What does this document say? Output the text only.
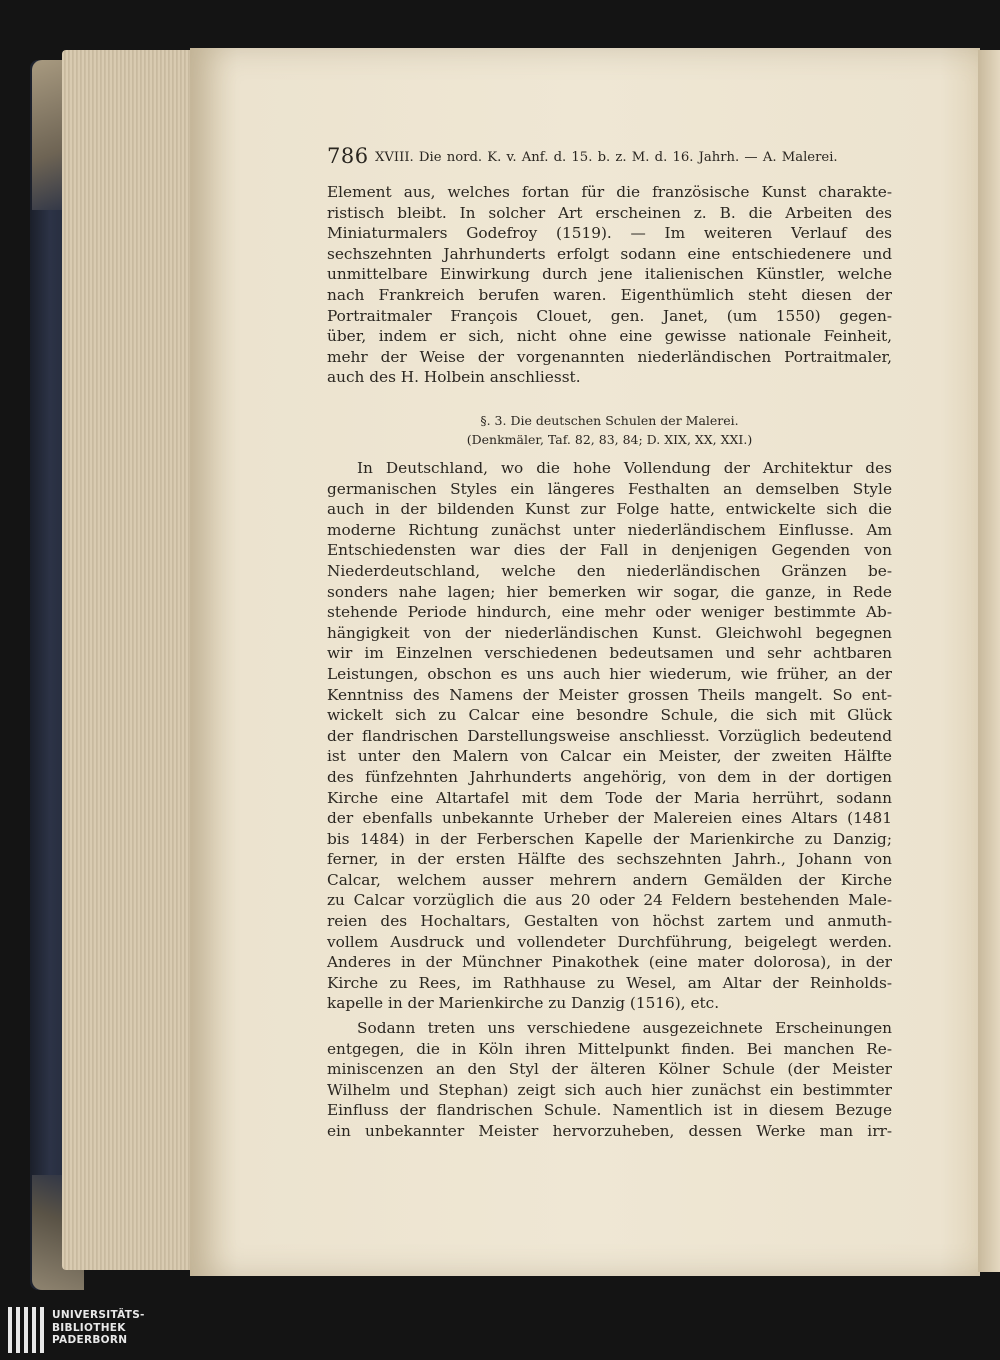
786 XVIII. Die nord. K. v. Anf. d. 15. b. z. M. d. 16. Jahrh. — A. Malerei.
Element aus, welches fortan für die französische Kunst charakte-
ristisch bleibt. In solcher Art erscheinen z. B. die Arbeiten des
Miniaturmalers Godefroy (1519). — Im weiteren Verlauf des
sechszehnten Jahrhunderts erfolgt sodann eine entschiedenere und
unmittelbare Einwirkung durch jene italienischen Künstler, welche
nach Frankreich berufen waren. Eigenthümlich steht diesen der
Portraitmaler François Clouet, gen. Janet, (um 1550) gegen-
über, indem er sich, nicht ohne eine gewisse nationale Feinheit,
mehr der Weise der vorgenannten niederländischen Portraitmaler,
auch des H. Holbein anschliesst.
§. 3. Die deutschen Schulen der Malerei.
(Denkmäler, Taf. 82, 83, 84; D. XIX, XX, XXI.)
In Deutschland, wo die hohe Vollendung der Architektur des
germanischen Styles ein längeres Festhalten an demselben Style
auch in der bildenden Kunst zur Folge hatte, entwickelte sich die
moderne Richtung zunächst unter niederländischem Einflusse. Am
Entschiedensten war dies der Fall in denjenigen Gegenden von
Niederdeutschland, welche den niederländischen Gränzen be-
sonders nahe lagen; hier bemerken wir sogar, die ganze, in Rede
stehende Periode hindurch, eine mehr oder weniger bestimmte Ab-
hängigkeit von der niederländischen Kunst. Gleichwohl begegnen
wir im Einzelnen verschiedenen bedeutsamen und sehr achtbaren
Leistungen, obschon es uns auch hier wiederum, wie früher, an der
Kenntniss des Namens der Meister grossen Theils mangelt. So ent-
wickelt sich zu Calcar eine besondre Schule, die sich mit Glück
der flandrischen Darstellungsweise anschliesst. Vorzüglich bedeutend
ist unter den Malern von Calcar ein Meister, der zweiten Hälfte
des fünfzehnten Jahrhunderts angehörig, von dem in der dortigen
Kirche eine Altartafel mit dem Tode der Maria herrührt, sodann
der ebenfalls unbekannte Urheber der Malereien eines Altars (1481
bis 1484) in der Ferberschen Kapelle der Marienkirche zu Danzig;
ferner, in der ersten Hälfte des sechszehnten Jahrh., Johann von
Calcar, welchem ausser mehrern andern Gemälden der Kirche
zu Calcar vorzüglich die aus 20 oder 24 Feldern bestehenden Male-
reien des Hochaltars, Gestalten von höchst zartem und anmuth-
vollem Ausdruck und vollendeter Durchführung, beigelegt werden.
Anderes in der Münchner Pinakothek (eine mater dolorosa), in der
Kirche zu Rees, im Rathhause zu Wesel, am Altar der Reinholds-
kapelle in der Marienkirche zu Danzig (1516), etc.
Sodann treten uns verschiedene ausgezeichnete Erscheinungen
entgegen, die in Köln ihren Mittelpunkt finden. Bei manchen Re-
miniscenzen an den Styl der älteren Kölner Schule (der Meister
Wilhelm und Stephan) zeigt sich auch hier zunächst ein bestimmter
Einfluss der flandrischen Schule. Namentlich ist in diesem Bezuge
ein unbekannter Meister hervorzuheben, dessen Werke man irr-
UNIVERSITÄTS-
BIBLIOTHEK
PADERBORN
